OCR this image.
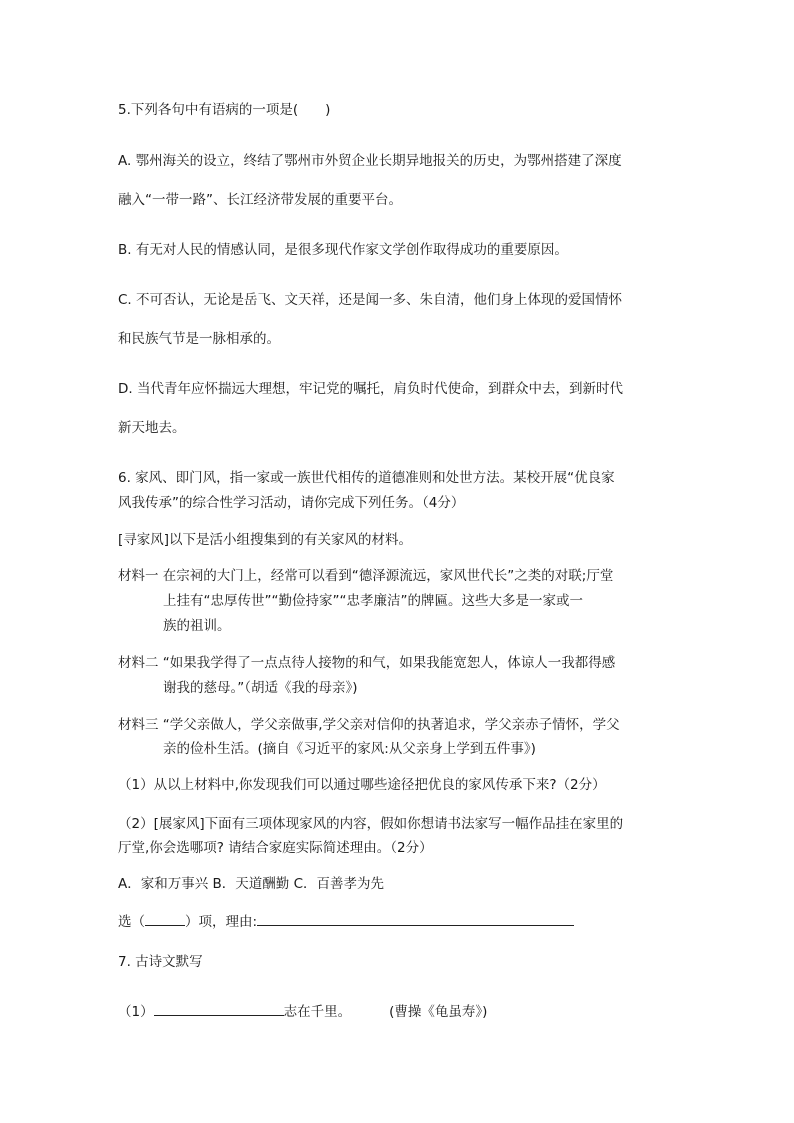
5.下列各句中有语病的一项是(　　)
A. 鄂州海关的设立，终结了鄂州市外贸企业长期异地报关的历史，为鄂州搭建了深度
融入“一带一路”、长江经济带发展的重要平台。
B. 有无对人民的情感认同，是很多现代作家文学创作取得成功的重要原因。
C. 不可否认，无论是岳飞、文天祥，还是闻一多、朱自清，他们身上体现的爱国情怀
和民族气节是一脉相承的。
D. 当代青年应怀揣远大理想，牢记党的嘱托，肩负时代使命，到群众中去，到新时代
新天地去。
6. 家风、即门风，指一家或一族世代相传的道德准则和处世方法。某校开展“优良家
风我传承”的综合性学习活动，请你完成下列任务。（4分）
[寻家风]以下是活小组搜集到的有关家风的材料。
材料一 在宗祠的大门上，经常可以看到“德泽源流远，家风世代长”之类的对联;厅堂
上挂有“忠厚传世”“勤俭持家”“忠孝廉洁”的牌匾。这些大多是一家或一
族的祖训。
材料二 “如果我学得了一点点待人接物的和气，如果我能宽恕人，体谅人一我都得感
谢我的慈母。”（胡适《我的母亲》)
材料三 “学父亲做人，学父亲做事,学父亲对信仰的执著追求，学父亲赤子情怀，学父
亲的俭朴生活。(摘自《习近平的家风:从父亲身上学到五件事》)
（1）从以上材料中,你发现我们可以通过哪些途径把优良的家风传承下来?（2分）
（2）[展家风]下面有三项体现家风的内容，假如你想请书法家写一幅作品挂在家里的
厅堂,你会选哪项? 请结合家庭实际简述理由。（2分）
A．家和万事兴 B．天道酬勤 C．百善孝为先
选（	）项，理由:
7. 古诗文默写
（1）	志在千里。	(曹操《龟虽寿》)
